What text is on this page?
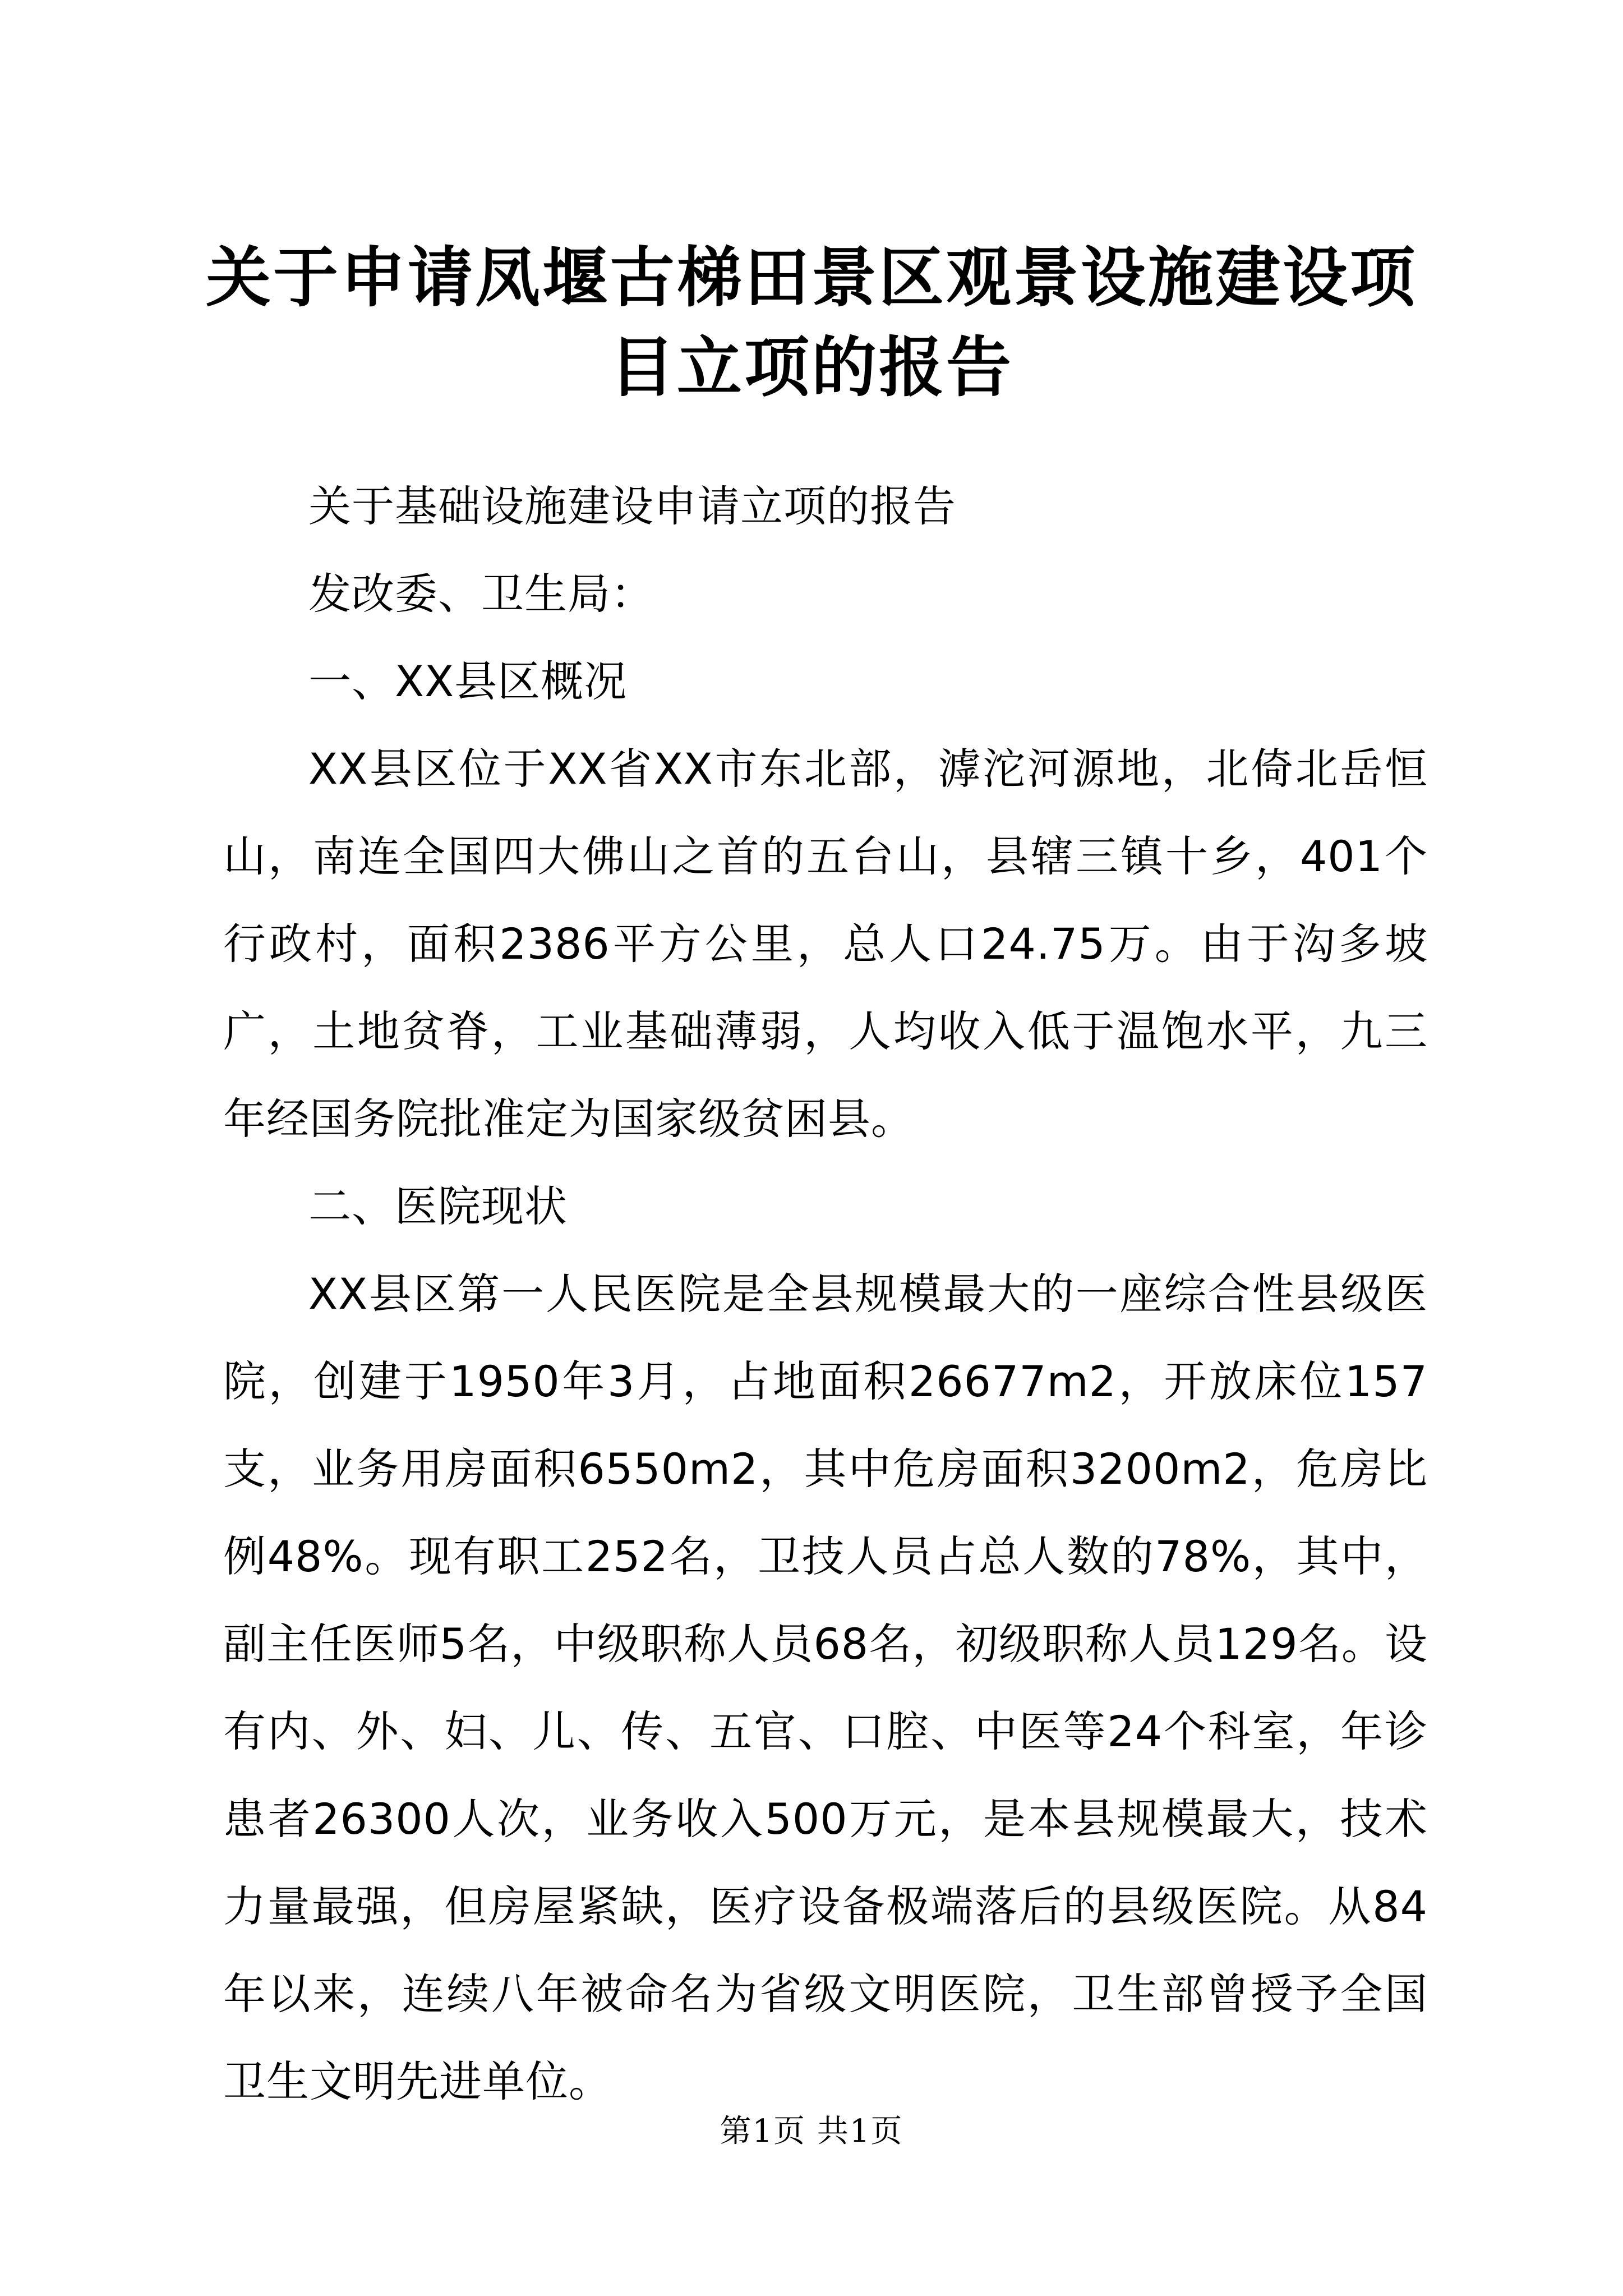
关于申请凤堰古梯田景区观景设施建设项目立项的报告

关于基础设施建设申请立项的报告

发改委、卫生局：

一、XX县区概况

XX县区位于XX省XX市东北部，滹沱河源地，北倚北岳恒山，南连全国四大佛山之首的五台山，县辖三镇十乡，401个行政村，面积2386平方公里，总人口24.75万。由于沟多坡广，土地贫脊，工业基础薄弱，人均收入低于温饱水平，九三年经国务院批准定为国家级贫困县。

二、医院现状

XX县区第一人民医院是全县规模最大的一座综合性县级医院，创建于1950年3月，占地面积26677m2，开放床位157支，业务用房面积6550m2，其中危房面积3200m2，危房比例48%。现有职工252名，卫技人员占总人数的78%，其中，副主任医师5名，中级职称人员68名，初级职称人员129名。设有内、外、妇、儿、传、五官、口腔、中医等24个科室，年诊患者26300人次，业务收入500万元，是本县规模最大，技术力量最强，但房屋紧缺，医疗设备极端落后的县级医院。从84年以来，连续八年被命名为省级文明医院，卫生部曾授予全国卫生文明先进单位。

第1页 共1页
